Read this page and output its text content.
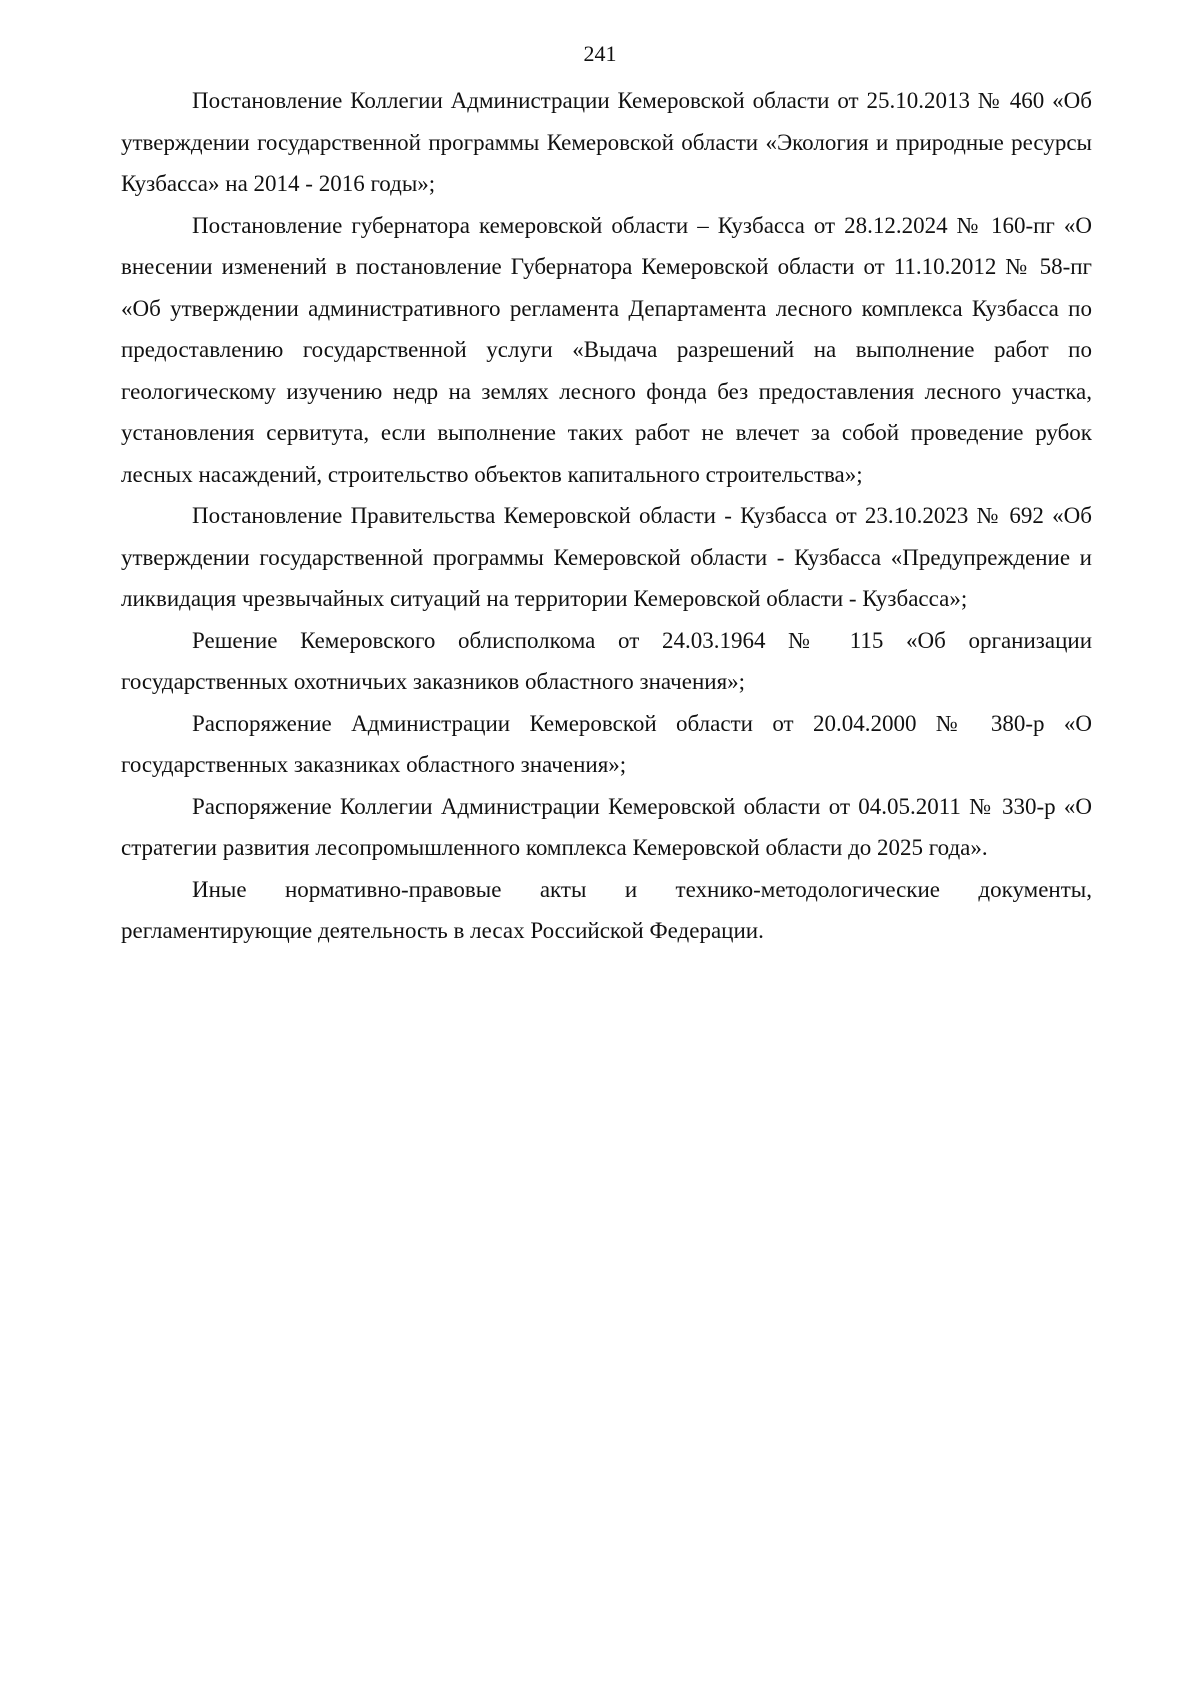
241

Постановление Коллегии Администрации Кемеровской области от 25.10.2013 № 460 «Об утверждении государственной программы Кемеровской области «Экология и природные ресурсы Кузбасса» на 2014 - 2016 годы»;

Постановление губернатора кемеровской области – Кузбасса от 28.12.2024 № 160-пг «О внесении изменений в постановление Губернатора Кемеровской области от 11.10.2012 № 58-пг «Об утверждении административного регламента Департамента лесного комплекса Кузбасса по предоставлению государственной услуги «Выдача разрешений на выполнение работ по геологическому изучению недр на землях лесного фонда без предоставления лесного участка, установления сервитута, если выполнение таких работ не влечет за собой проведение рубок лесных насаждений, строительство объектов капитального строительства»;

Постановление Правительства Кемеровской области - Кузбасса от 23.10.2023 № 692 «Об утверждении государственной программы Кемеровской области - Кузбасса «Предупреждение и ликвидация чрезвычайных ситуаций на территории Кемеровской области - Кузбасса»;

Решение Кемеровского облисполкома от 24.03.1964 № 115 «Об организации государственных охотничьих заказников областного значения»;

Распоряжение Администрации Кемеровской области от 20.04.2000 № 380-р «О государственных заказниках областного значения»;

Распоряжение Коллегии Администрации Кемеровской области от 04.05.2011 № 330-р «О стратегии развития лесопромышленного комплекса Кемеровской области до 2025 года».

Иные нормативно-правовые акты и технико-методологические документы, регламентирующие деятельность в лесах Российской Федерации.
